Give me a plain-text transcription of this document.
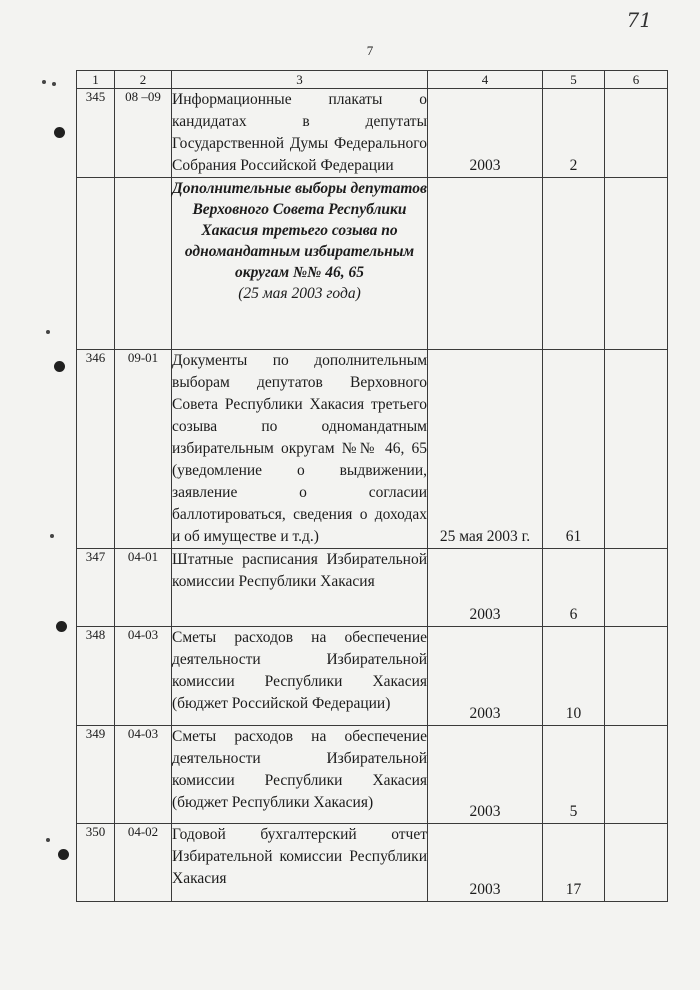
7
71
1	2	3	4	5	6
345	08 –09	Информационные плакаты о кандидатах в депутаты Государственной Думы Федерального Собрания Российской Федерации	2003	2	

		Дополнительные выборы депутатов Верховного Совета Республики Хакасия третьего созыва по одномандатным избирательным округам №№ 46, 65
(25 мая 2003 года)			

346	09-01	Документы по дополнительным выборам депутатов Верховного Совета Республики Хакасия третьего созыва по одномандатным избирательным округам №№ 46, 65 (уведомление о выдвижении, заявление о согласии баллотироваться, сведения о доходах и об имуществе и т.д.)	25 мая 2003 г.	61	
347	04-01	Штатные расписания Избирательной комиссии Республики Хакасия	2003	6	
348	04-03	Сметы расходов на обеспечение деятельности Избирательной комиссии Республики Хакасия (бюджет Российской Федерации)	2003	10	
349	04-03	Сметы расходов на обеспечение деятельности Избирательной комиссии Республики Хакасия (бюджет Республики Хакасия)	2003	5	
350	04-02	Годовой бухгалтерский отчет Избирательной комиссии Республики Хакасия	2003	17	
